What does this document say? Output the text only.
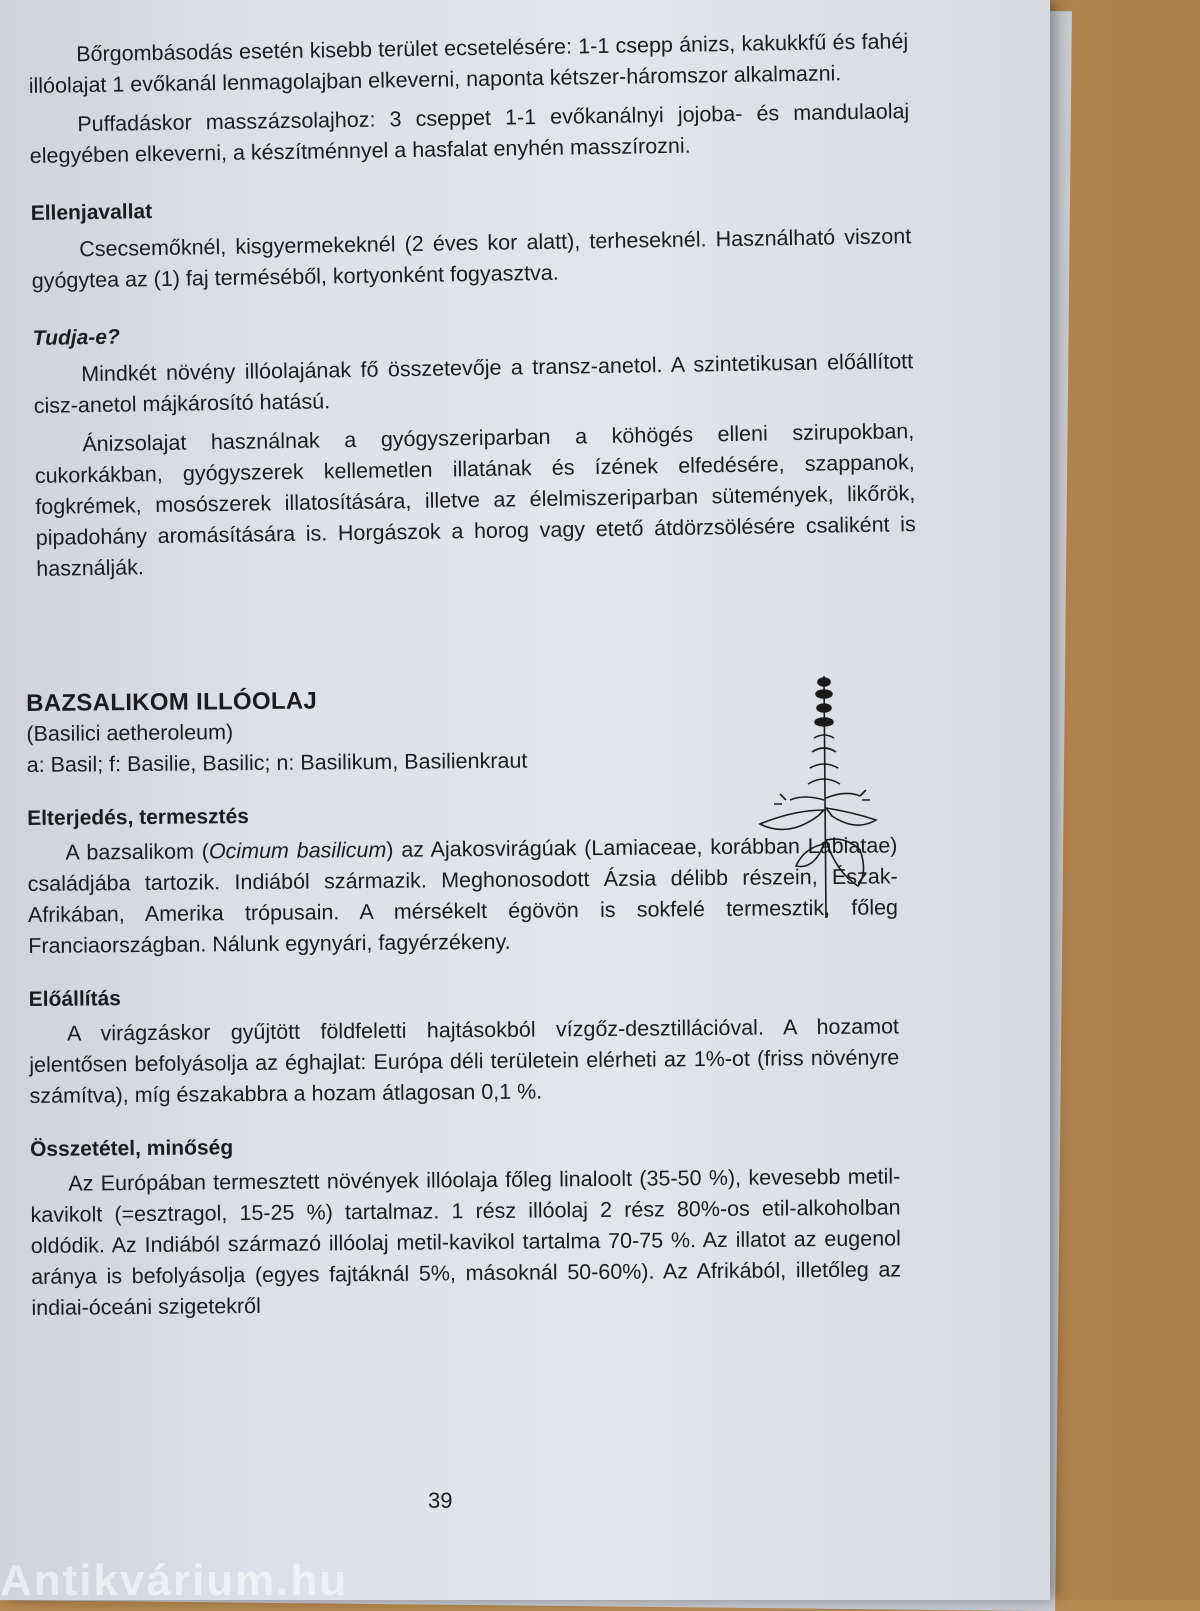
Bőrgombásodás esetén kisebb terület ecsetelésére: 1-1 csepp ánizs, kakukkfű és fahéj illóolajat 1 evőkanál lenmagolajban elkeverni, naponta kétszer-háromszor alkalmazni.

Puffadáskor masszázsolajhoz: 3 cseppet 1-1 evőkanálnyi jojoba- és mandulaolaj elegyében elkeverni, a készítménnyel a hasfalat enyhén masszírozni.

Ellenjavallat

Csecsemőknél, kisgyermekeknél (2 éves kor alatt), terheseknél. Használható viszont gyógytea az (1) faj terméséből, kortyonként fogyasztva.

Tudja-e?

Mindkét növény illóolajának fő összetevője a transz-anetol. A szintetikusan előállított cisz-anetol májkárosító hatású.

Ánizsolajat használnak a gyógyszeriparban a köhögés elleni szirupokban, cukorkákban, gyógyszerek kellemetlen illatának és ízének elfedésére, szappanok, fogkrémek, mosószerek illatosítására, illetve az élelmiszeriparban sütemények, likőrök, pipadohány aromásítására is. Horgászok a horog vagy etető átdörzsölésére csaliként is használják.

BAZSALIKOM ILLÓOLAJ
(Basilici aetheroleum)
a: Basil; f: Basilie, Basilic; n: Basilikum, Basilienkraut
Elterjedés, termesztés

A bazsalikom (Ocimum basilicum) az Ajakosvirágúak (Lamiaceae, korábban Labiatae) családjába tartozik. Indiából származik. Meghonosodott Ázsia délibb részein, Észak-Afrikában, Amerika trópusain. A mérsékelt égövön is sokfelé termesztik, főleg Franciaországban. Nálunk egynyári, fagyérzékeny.

Előállítás

A virágzáskor gyűjtött földfeletti hajtásokból vízgőz-desztillációval. A hozamot jelentősen befolyásolja az éghajlat: Európa déli területein elérheti az 1%-ot (friss növényre számítva), míg északabbra a hozam átlagosan 0,1 %.

Összetétel, minőség

Az Európában termesztett növények illóolaja főleg linaloolt (35-50 %), kevesebb metil-kavikolt (=esztragol, 15-25 %) tartalmaz. 1 rész illóolaj 2 rész 80%-os etil-alkoholban oldódik. Az Indiából származó illóolaj metil-kavikol tartalma 70-75 %. Az illatot az eugenol aránya is befolyásolja (egyes fajtáknál 5%, másoknál 50-60%). Az Afrikából, illetőleg az indiai-óceáni szigetekről

39
Antikvárium.hu
